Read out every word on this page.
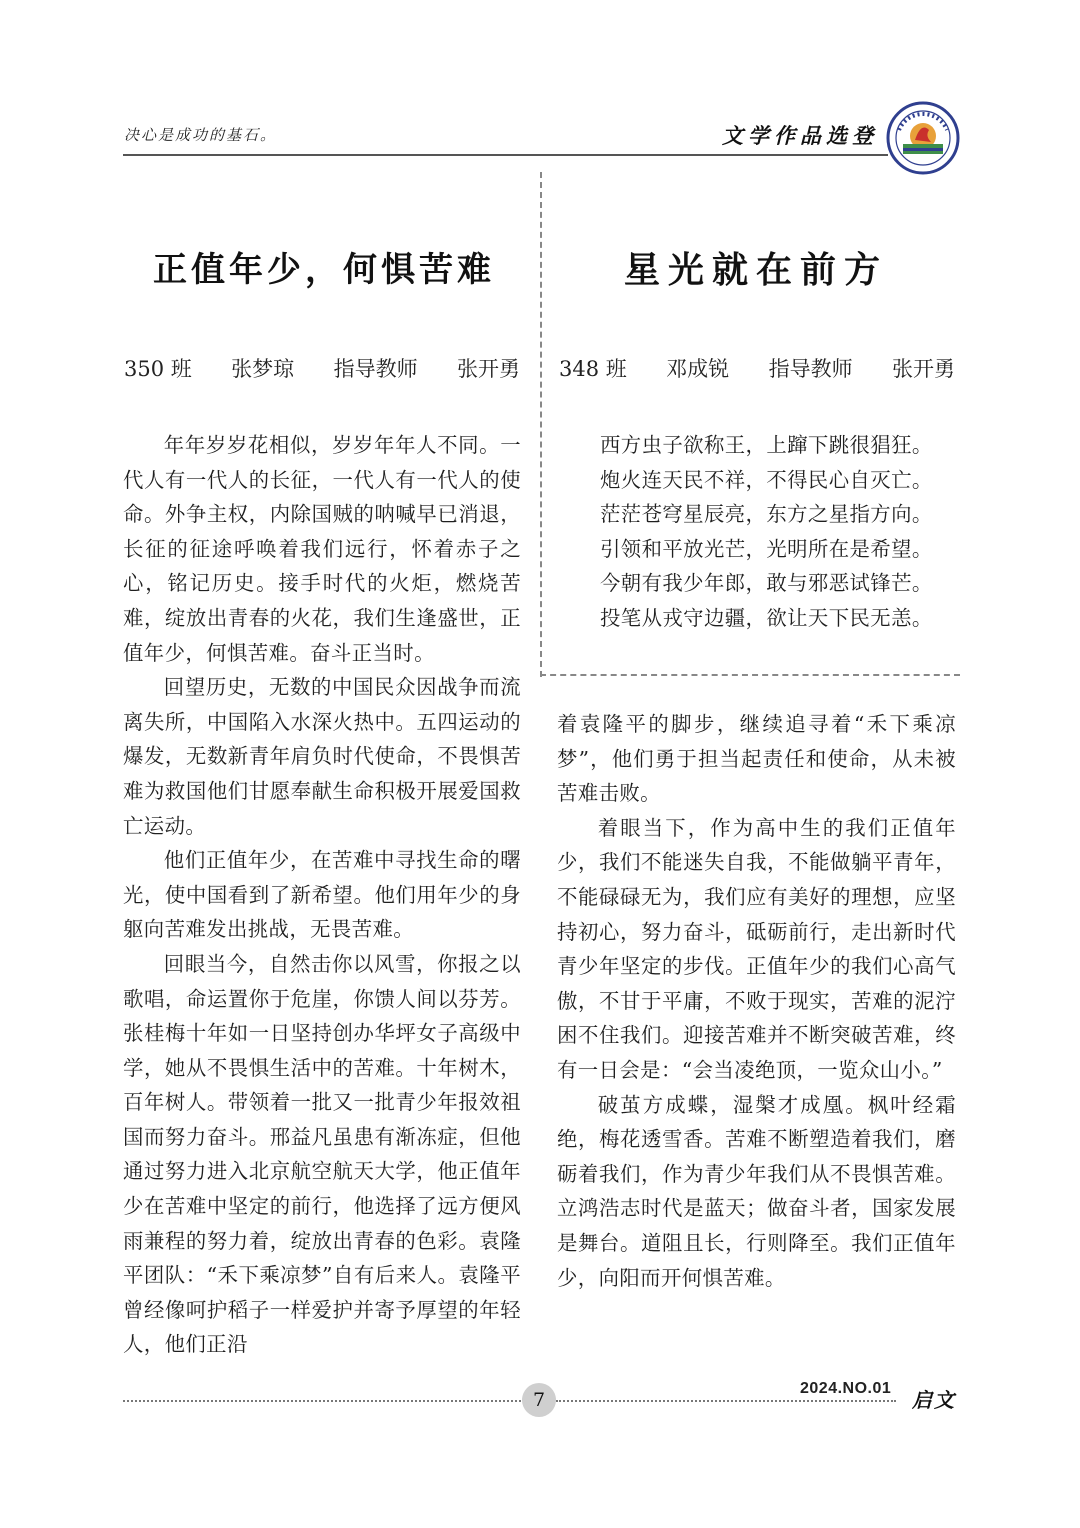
决心是成功的基石。	文学作品选登
正值年少，何惧苦难	星光就在前方
350 班 张梦琼 指导教师 张开勇 348 班 邓成锐 指导教师 张开勇

年年岁岁花相似，岁岁年年人不同。一代人有一代人的长征，一代人有一代人的使命。外争主权，内除国贼的呐喊早已消退，长征的征途呼唤着我们远行，怀着赤子之心，铭记历史。接手时代的火炬，燃烧苦难，绽放出青春的火花，我们生逢盛世，正值年少，何惧苦难。奋斗正当时。

回望历史，无数的中国民众因战争而流离失所，中国陷入水深火热中。五四运动的爆发，无数新青年肩负时代使命，不畏惧苦难为救国他们甘愿奉献生命积极开展爱国救亡运动。

他们正值年少，在苦难中寻找生命的曙光，使中国看到了新希望。他们用年少的身躯向苦难发出挑战，无畏苦难。

回眼当今，自然击你以风雪，你报之以歌唱，命运置你于危崖，你馈人间以芬芳。张桂梅十年如一日坚持创办华坪女子高级中学，她从不畏惧生活中的苦难。十年树木，百年树人。带领着一批又一批青少年报效祖国而努力奋斗。邢益凡虽患有渐冻症，但他通过努力进入北京航空航天大学，他正值年少在苦难中坚定的前行，他选择了远方便风雨兼程的努力着，绽放出青春的色彩。袁隆平团队：“禾下乘凉梦”自有后来人。袁隆平曾经像呵护稻子一样爱护并寄予厚望的年轻人，他们正沿

西方虫子欲称王，上蹿下跳很猖狂。
炮火连天民不祥，不得民心自灭亡。
茫茫苍穹星辰亮，东方之星指方向。
引领和平放光芒，光明所在是希望。
今朝有我少年郎，敢与邪恶试锋芒。
投笔从戎守边疆，欲让天下民无恙。

着袁隆平的脚步，继续追寻着“禾下乘凉梦”，他们勇于担当起责任和使命，从未被苦难击败。

着眼当下，作为高中生的我们正值年少，我们不能迷失自我，不能做躺平青年，不能碌碌无为，我们应有美好的理想，应坚持初心，努力奋斗，砥砺前行，走出新时代青少年坚定的步伐。正值年少的我们心高气傲，不甘于平庸，不败于现实，苦难的泥泞困不住我们。迎接苦难并不断突破苦难，终有一日会是：“会当凌绝顶，一览众山小。”

破茧方成蝶，湿槃才成凰。枫叶经霜绝，梅花透雪香。苦难不断塑造着我们，磨砺着我们，作为青少年我们从不畏惧苦难。立鸿浩志时代是蓝天；做奋斗者，国家发展是舞台。道阻且长，行则降至。我们正值年少，向阳而开何惧苦难。

7
2024.NO.01 启文
